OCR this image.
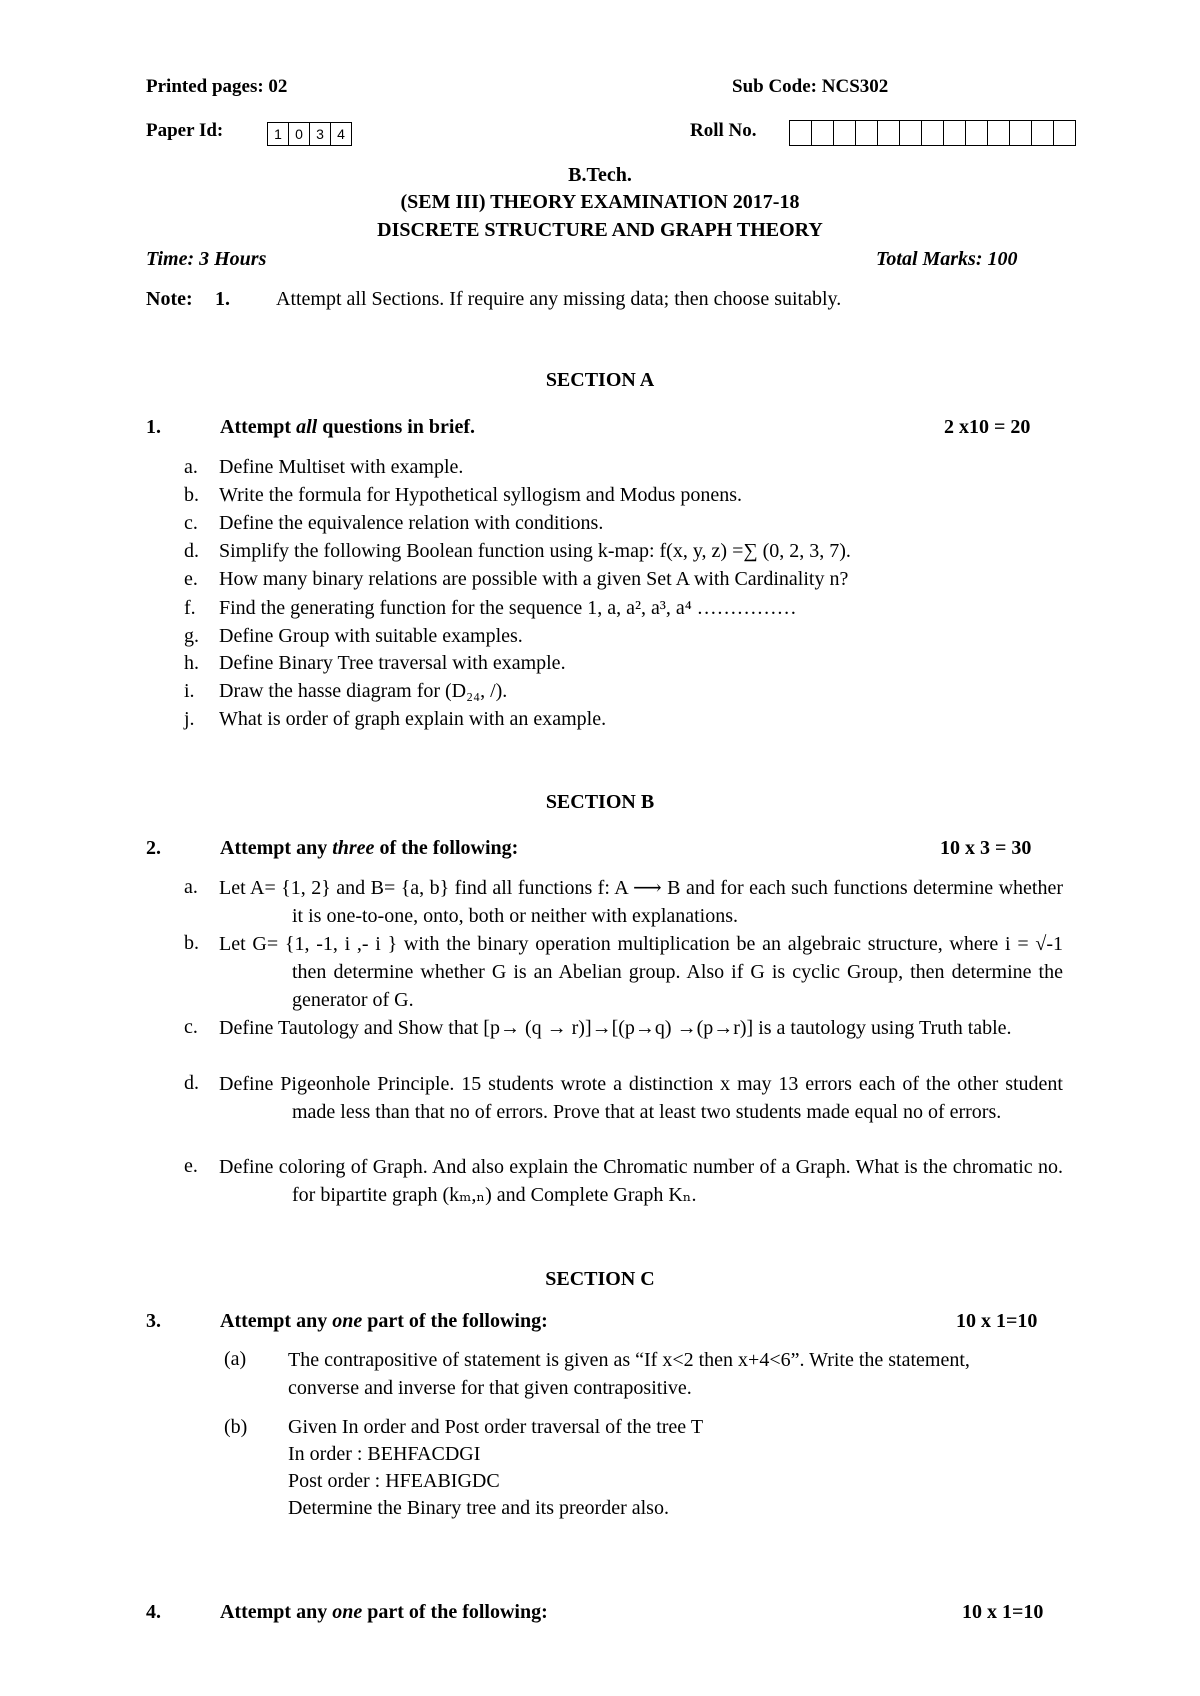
Printed pages: 02	Sub Code: NCS302
Paper Id:	1 0 3 4	Roll No.
B.Tech.
(SEM III) THEORY EXAMINATION 2017-18
DISCRETE STRUCTURE AND GRAPH THEORY
Time: 3 Hours	Total Marks: 100
Note: 1. Attempt all Sections. If require any missing data; then choose suitably.
SECTION A
1.	Attempt all questions in brief.	2 x10 = 20
a. Define Multiset with example.
b. Write the formula for Hypothetical syllogism and Modus ponens.
c. Define the equivalence relation with conditions.
d. Simplify the following Boolean function using k-map: f(x, y, z) =∑ (0, 2, 3, 7).
e. How many binary relations are possible with a given Set A with Cardinality n?
f. Find the generating function for the sequence 1, a, a², a³, a⁴ ……………
g. Define Group with suitable examples.
h. Define Binary Tree traversal with example.
i. Draw the hasse diagram for (D₂₄, /).
j. What is order of graph explain with an example.
SECTION B
2.	Attempt any three of the following:	10 x 3 = 30
a. Let A= {1, 2} and B= {a, b} find all functions f: A ⟶ B and for each such functions determine whether it is one-to-one, onto, both or neither with explanations.
b. Let G= {1, -1, i ,- i } with the binary operation multiplication be an algebraic structure, where i = √-1 then determine whether G is an Abelian group. Also if G is cyclic Group, then determine the generator of G.
c. Define Tautology and Show that [p→ (q → r)]→[(p→q) →(p→r)] is a tautology using Truth table.
d. Define Pigeonhole Principle. 15 students wrote a distinction x may 13 errors each of the other student made less than that no of errors. Prove that at least two students made equal no of errors.
e. Define coloring of Graph. And also explain the Chromatic number of a Graph. What is the chromatic no. for bipartite graph (kₘ,ₙ) and Complete Graph Kₙ.
SECTION C
3.	Attempt any one part of the following:	10 x 1=10
(a) The contrapositive of statement is given as “If x<2 then x+4<6”. Write the statement, converse and inverse for that given contrapositive.
(b) Given In order and Post order traversal of the tree T
In order : BEHFACDGI
Post order : HFEABIGDC
Determine the Binary tree and its preorder also.
4.	Attempt any one part of the following:	10 x 1=10
